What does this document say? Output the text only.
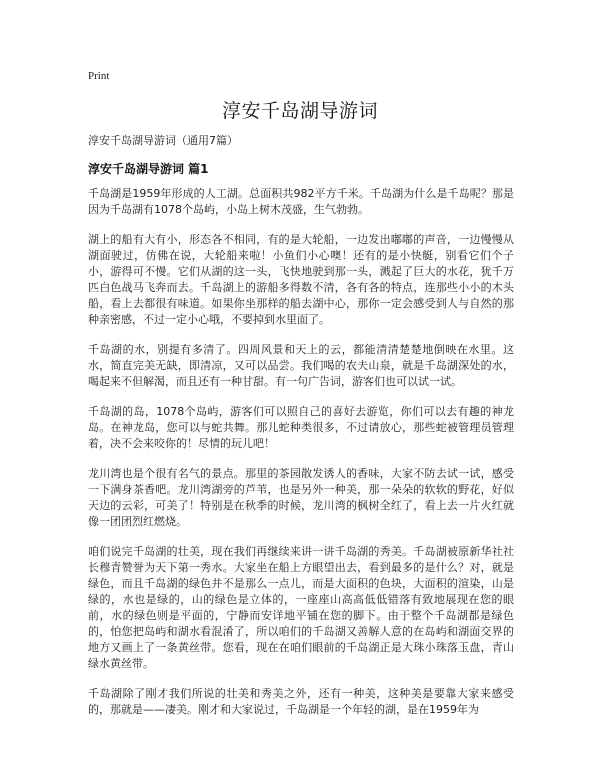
Print
淳安千岛湖导游词

淳安千岛湖导游词（通用7篇）

淳安千岛湖导游词 篇1

千岛湖是1959年形成的人工湖。总面积共982平方千米。千岛湖为什么是千岛呢？那是因为千岛湖有1078个岛屿，小岛上树木茂盛，生气勃勃。

湖上的船有大有小，形态各不相同，有的是大轮船，一边发出嘟嘟的声音，一边慢慢从湖面驶过，仿佛在说，大轮船来啦！小鱼们小心噢！还有的是小快艇，别看它们个子小，游得可不慢。它们从湖的这一头，飞快地驶到那一头，溅起了巨大的水花，犹千万匹白色战马飞奔而去。千岛湖上的游船多得数不清，各有各的特点，连那些小小的木头船，看上去都很有味道。如果你坐那样的船去湖中心，那你一定会感受到人与自然的那种亲密感，不过一定小心哦，不要掉到水里面了。

千岛湖的水，别提有多清了。四周风景和天上的云，都能清清楚楚地倒映在水里。这水，简直完美无缺，即清凉，又可以品尝。我们喝的农夫山泉，就是千岛湖深处的水，喝起来不但解渴，而且还有一种甘甜。有一句广告词，游客们也可以试一试。

千岛湖的岛，1078个岛屿，游客们可以照自己的喜好去游览，你们可以去有趣的神龙岛。在神龙岛，您可以与蛇共舞。那儿蛇种类很多，不过请放心，那些蛇被管理员管理着，决不会来咬你的！尽情的玩儿吧！

龙川湾也是个很有名气的景点。那里的茶园散发诱人的香味，大家不防去试一试，感受一下满身茶香吧。龙川湾湖旁的芦苇，也是另外一种美，那一朵朵的软软的野花，好似天边的云彩，可美了！特别是在秋季的时候，龙川湾的枫树全红了，看上去一片火红就像一团团烈红燃烧。

咱们说完千岛湖的壮美，现在我们再继续来讲一讲千岛湖的秀美。千岛湖被原新华社社长穆青赞誉为天下第一秀水。大家坐在船上方眼望出去，看到最多的是什么？对，就是绿色，而且千岛湖的绿色并不是那么一点儿，而是大面积的色块，大面积的渲染，山是绿的，水也是绿的，山的绿色是立体的，一座座山高高低低错落有致地展现在您的眼前，水的绿色则是平面的，宁静而安详地平铺在您的脚下。由于整个千岛湖都是绿色的，怕您把岛屿和湖水看混淆了，所以咱们的千岛湖又善解人意的在岛屿和湖面交界的地方又画上了一条黄丝带。您看，现在在咱们眼前的千岛湖正是大珠小珠落玉盘，青山绿水黄丝带。

千岛湖除了刚才我们所说的壮美和秀美之外，还有一种美，这种美是要靠大家来感受的，那就是——凄美。刚才和大家说过，千岛湖是一个年轻的湖，是在1959年为
